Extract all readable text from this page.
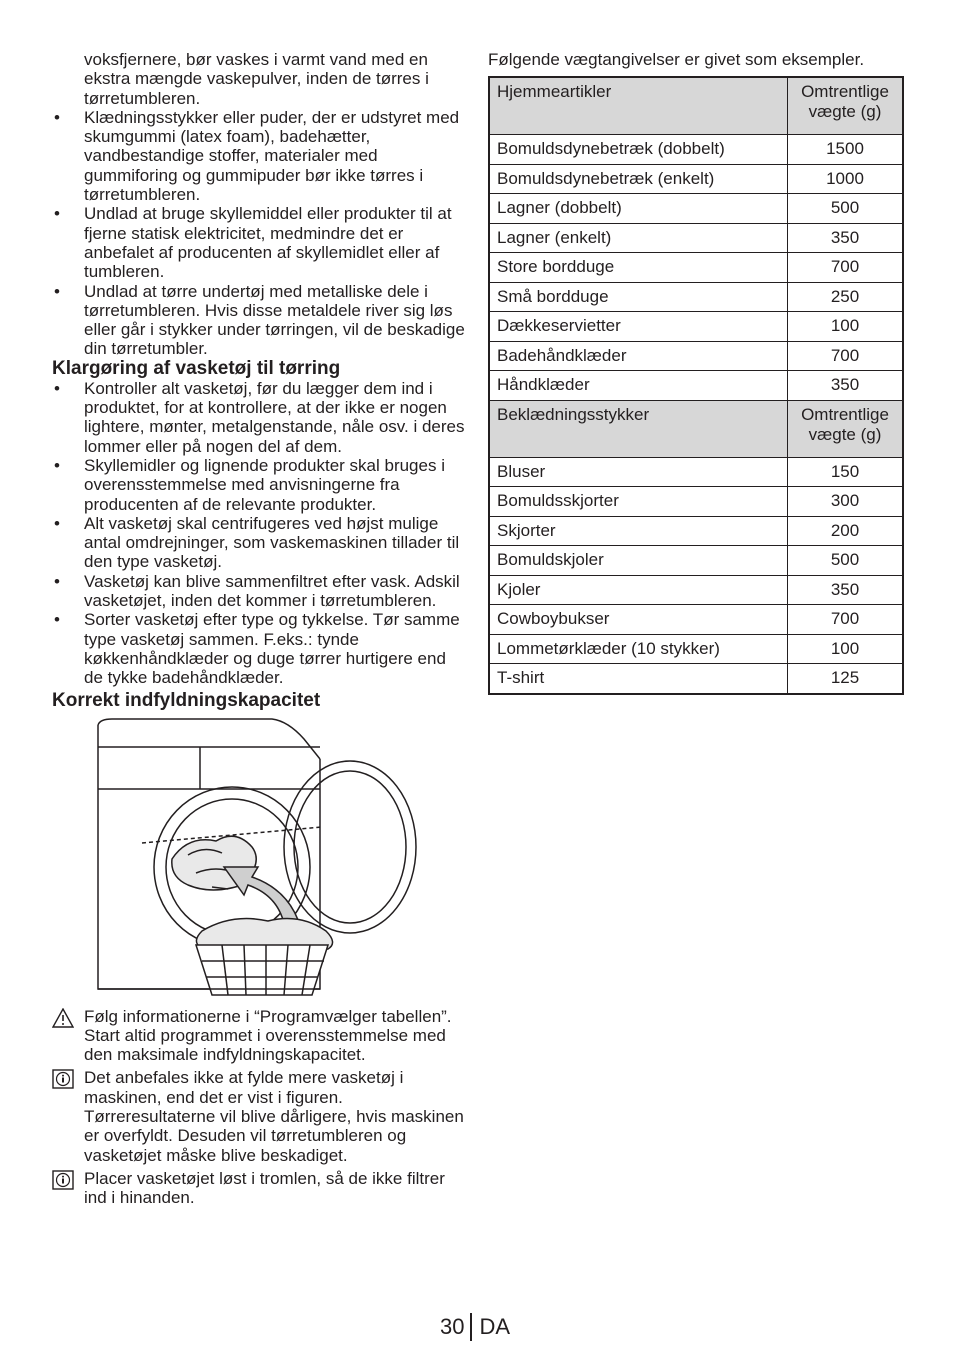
voksfjernere, bør vaskes i varmt vand med en ekstra mængde vaskepulver, inden de tørres i tørretumbleren.

• Klædningsstykker eller puder, der er udstyret med skumgummi (latex foam), badehætter, vandbestandige stoffer, materialer med gummiforing og gummipuder bør ikke tørres i tørretumbleren.
• Undlad at bruge skyllemiddel eller produkter til at fjerne statisk elektricitet, medmindre det er anbefalet af producenten af skyllemidlet eller af tumbleren.
• Undlad at tørre undertøj med metalliske dele i tørretumbleren. Hvis disse metaldele river sig løs eller går i stykker under tørringen, vil de beskadige din tørretumbler.
Klargøring af vasketøj til tørring
• Kontroller alt vasketøj, før du lægger dem ind i produktet, for at kontrollere, at der ikke er nogen lightere, mønter, metalgenstande, nåle osv. i deres lommer eller på nogen del af dem.
• Skyllemidler og lignende produkter skal bruges i overensstemmelse med anvisningerne fra producenten af de relevante produkter.
• Alt vasketøj skal centrifugeres ved højst mulige antal omdrejninger, som vaskemaskinen tillader til den type vasketøj.
• Vasketøj kan blive sammenfiltret efter vask. Adskil vasketøjet, inden det kommer i tørretumbleren.
• Sorter vasketøj efter type og tykkelse. Tør samme type vasketøj sammen. F.eks.: tynde køkkenhåndklæder og duge tørrer hurtigere end de tykke badehåndklæder.
Korrekt indfyldningskapacitet
Følg informationerne i “Programvælger tabellen”. Start altid programmet i overensstemmelse med den maksimale indfyldningskapacitet.
Det anbefales ikke at fylde mere vasketøj i maskinen, end det er vist i figuren. Tørreresultaterne vil blive dårligere, hvis maskinen er overfyldt. Desuden vil tørretumbleren og vasketøjet måske blive beskadiget.
Placer vasketøjet løst i tromlen, så de ikke filtrer ind i hinanden.

Følgende vægtangivelser er givet som eksempler.

Hjemmeartikler	Omtrentlige vægte (g)
Bomuldsdynebetræk (dobbelt)	1500
Bomuldsdynebetræk (enkelt)	1000
Lagner (dobbelt)	500
Lagner (enkelt)	350
Store bordduge	700
Små bordduge	250
Dækkeservietter	100
Badehåndklæder	700
Håndklæder	350
Beklædningsstykker	Omtrentlige vægte (g)
Bluser	150
Bomuldsskjorter	300
Skjorter	200
Bomuldskjoler	500
Kjoler	350
Cowboybukser	700
Lommetørklæder (10 stykker)	100
T-shirt	125
30 DA
